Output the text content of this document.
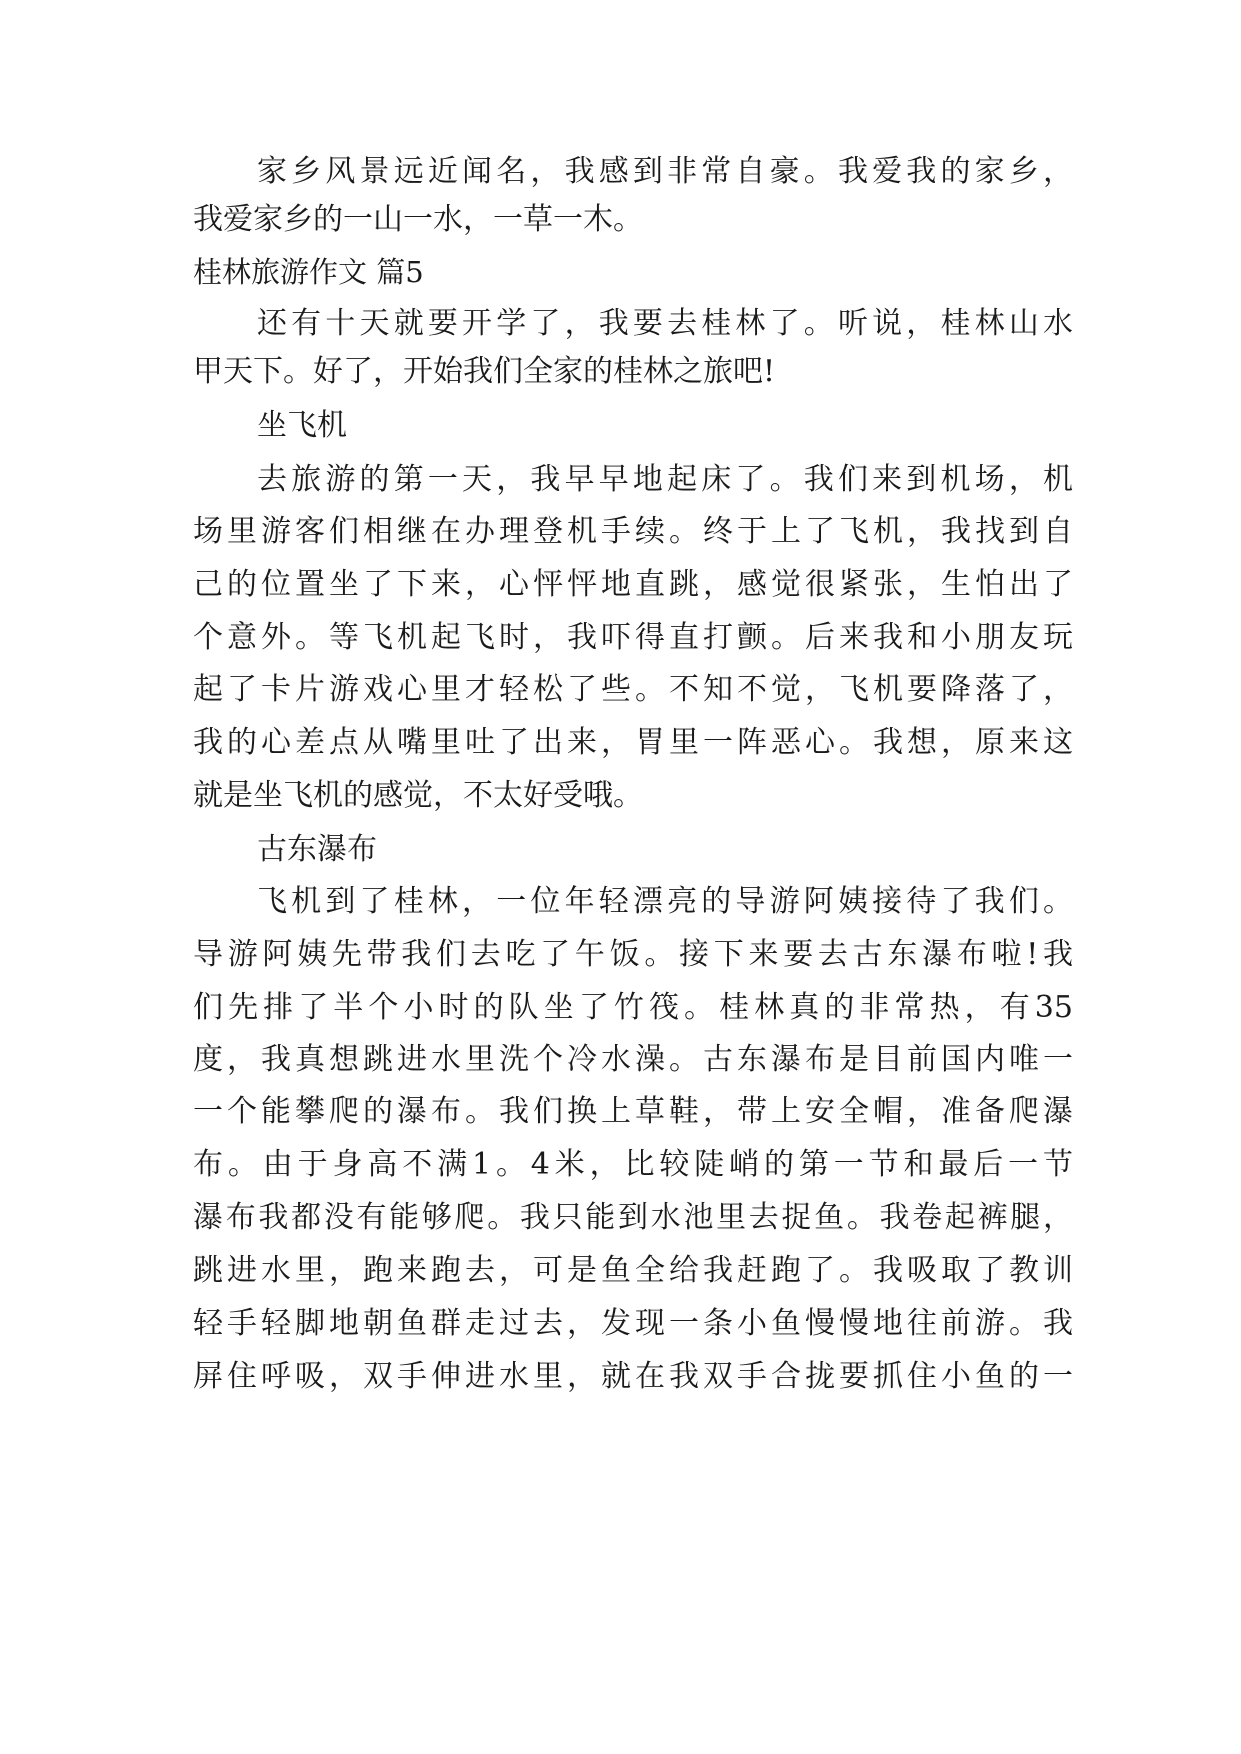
家乡风景远近闻名，我感到非常自豪。我爱我的家乡，
我爱家乡的一山一水，一草一木。
桂林旅游作文 篇5
还有十天就要开学了，我要去桂林了。听说，桂林山水
甲天下。好了，开始我们全家的桂林之旅吧!
坐飞机
去旅游的第一天，我早早地起床了。我们来到机场，机
场里游客们相继在办理登机手续。终于上了飞机，我找到自
己的位置坐了下来，心怦怦地直跳，感觉很紧张，生怕出了
个意外。等飞机起飞时，我吓得直打颤。后来我和小朋友玩
起了卡片游戏心里才轻松了些。不知不觉，飞机要降落了，
我的心差点从嘴里吐了出来，胃里一阵恶心。我想，原来这
就是坐飞机的感觉，不太好受哦。
古东瀑布
飞机到了桂林，一位年轻漂亮的导游阿姨接待了我们。
导游阿姨先带我们去吃了午饭。接下来要去古东瀑布啦!我
们先排了半个小时的队坐了竹筏。桂林真的非常热，有35
度，我真想跳进水里洗个冷水澡。古东瀑布是目前国内唯一
一个能攀爬的瀑布。我们换上草鞋，带上安全帽，准备爬瀑
布。由于身高不满1。4米，比较陡峭的第一节和最后一节
瀑布我都没有能够爬。我只能到水池里去捉鱼。我卷起裤腿，
跳进水里，跑来跑去，可是鱼全给我赶跑了。我吸取了教训
轻手轻脚地朝鱼群走过去，发现一条小鱼慢慢地往前游。我
屏住呼吸，双手伸进水里，就在我双手合拢要抓住小鱼的一
